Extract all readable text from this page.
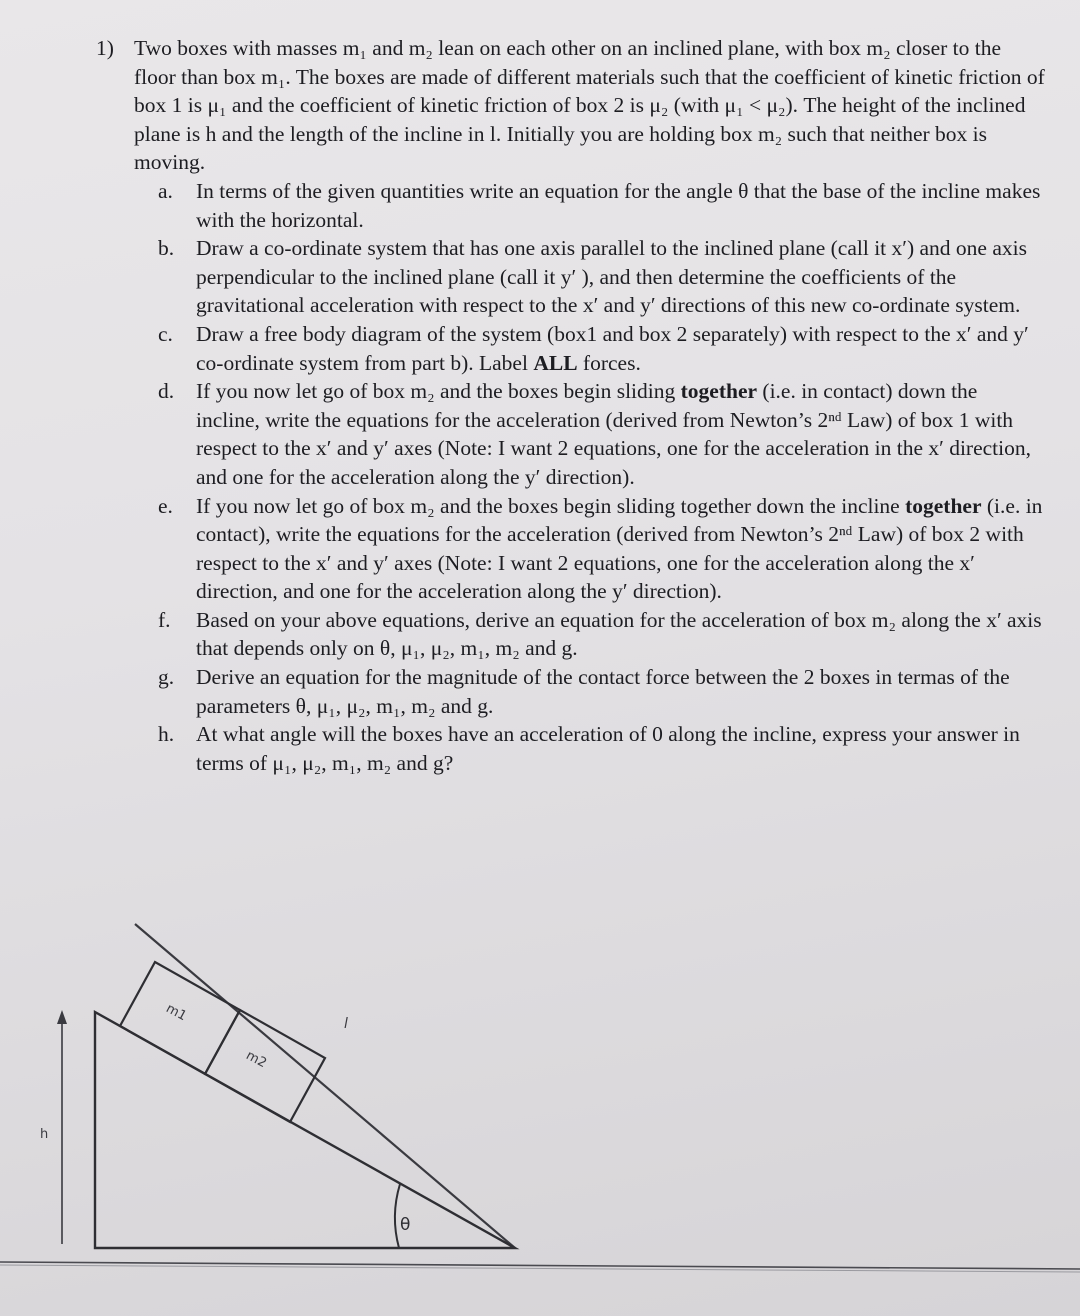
1) Two boxes with masses m₁ and m₂ lean on each other on an inclined plane, with box m₂ closer to the floor than box m₁. The boxes are made of different materials such that the coefficient of kinetic friction of box 1 is μ₁ and the coefficient of kinetic friction of box 2 is μ₂ (with μ₁ < μ₂). The height of the inclined plane is h and the length of the incline in l. Initially you are holding box m₂ such that neither box is moving.
a.	In terms of the given quantities write an equation for the angle θ that the base of the incline makes with the horizontal.
b.	Draw a co-ordinate system that has one axis parallel to the inclined plane (call it x′) and one axis perpendicular to the inclined plane (call it y′ ), and then determine the coefficients of the gravitational acceleration with respect to the x′ and y′ directions of this new co-ordinate system.
c.	Draw a free body diagram of the system (box1 and box 2 separately) with respect to the x′ and y′ co-ordinate system from part b). Label ALL forces.
d.	If you now let go of box m₂ and the boxes begin sliding together (i.e. in contact) down the incline, write the equations for the acceleration (derived from Newton’s 2ⁿᵈ Law) of box 1 with respect to the x′ and y′ axes (Note: I want 2 equations, one for the acceleration in the x′ direction, and one for the acceleration along the y′ direction).
e.	If you now let go of box m₂ and the boxes begin sliding together down the incline together (i.e. in contact), write the equations for the acceleration (derived from Newton’s 2ⁿᵈ Law) of box 2 with respect to the x′ and y′ axes (Note: I want 2 equations, one for the acceleration along the x′ direction, and one for the acceleration along the y′ direction).
f.	Based on your above equations, derive an equation for the acceleration of box m₂ along the x′ axis that depends only on θ, μ₁, μ₂, m₁, m₂ and g.
g.	Derive an equation for the magnitude of the contact force between the 2 boxes in termas of the parameters θ, μ₁, μ₂, m₁, m₂ and g.
h.	At what angle will the boxes have an acceleration of 0 along the incline, express your answer in terms of μ₁, μ₂, m₁, m₂ and g?
m1
m2
l
h
θ
